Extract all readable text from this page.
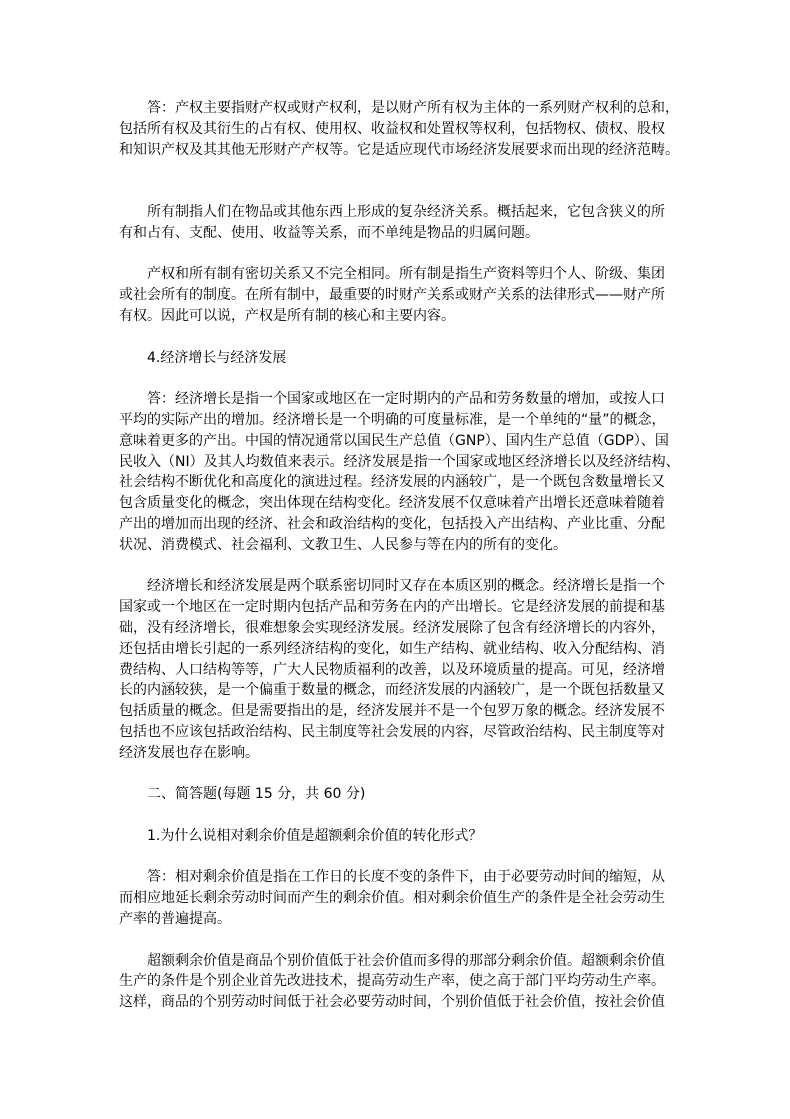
答：产权主要指财产权或财产权利，是以财产所有权为主体的一系列财产权利的总和，
包括所有权及其衍生的占有权、使用权、收益权和处置权等权利，包括物权、债权、股权
和知识产权及其其他无形财产产权等。它是适应现代市场经济发展要求而出现的经济范畴。
所有制指人们在物品或其他东西上形成的复杂经济关系。概括起来，它包含狭义的所
有和占有、支配、使用、收益等关系，而不单纯是物品的归属问题。
产权和所有制有密切关系又不完全相同。所有制是指生产资料等归个人、阶级、集团
或社会所有的制度。在所有制中，最重要的时财产关系或财产关系的法律形式——财产所
有权。因此可以说，产权是所有制的核心和主要内容。
4.经济增长与经济发展
答：经济增长是指一个国家或地区在一定时期内的产品和劳务数量的增加，或按人口
平均的实际产出的增加。经济增长是一个明确的可度量标准，是一个单纯的“量”的概念，
意味着更多的产出。中国的情况通常以国民生产总值（GNP）、国内生产总值（GDP）、国
民收入（NI）及其人均数值来表示。经济发展是指一个国家或地区经济增长以及经济结构、
社会结构不断优化和高度化的演进过程。经济发展的内涵较广，是一个既包含数量增长又
包含质量变化的概念，突出体现在结构变化。经济发展不仅意味着产出增长还意味着随着
产出的增加而出现的经济、社会和政治结构的变化，包括投入产出结构、产业比重、分配
状况、消费模式、社会福利、文教卫生、人民参与等在内的所有的变化。
经济增长和经济发展是两个联系密切同时又存在本质区别的概念。经济增长是指一个
国家或一个地区在一定时期内包括产品和劳务在内的产出增长。它是经济发展的前提和基
础，没有经济增长，很难想象会实现经济发展。经济发展除了包含有经济增长的内容外，
还包括由增长引起的一系列经济结构的变化，如生产结构、就业结构、收入分配结构、消
费结构、人口结构等等，广大人民物质福利的改善，以及环境质量的提高。可见，经济增
长的内涵较狭，是一个偏重于数量的概念，而经济发展的内涵较广，是一个既包括数量又
包括质量的概念。但是需要指出的是，经济发展并不是一个包罗万象的概念。经济发展不
包括也不应该包括政治结构、民主制度等社会发展的内容，尽管政治结构、民主制度等对
经济发展也存在影响。
二、简答题(每题 15 分，共 60 分)
1.为什么说相对剩余价值是超额剩余价值的转化形式？
答：相对剩余价值是指在工作日的长度不变的条件下，由于必要劳动时间的缩短，从
而相应地延长剩余劳动时间而产生的剩余价值。相对剩余价值生产的条件是全社会劳动生
产率的普遍提高。
超额剩余价值是商品个别价值低于社会价值而多得的那部分剩余价值。超额剩余价值
生产的条件是个别企业首先改进技术，提高劳动生产率，使之高于部门平均劳动生产率。
这样，商品的个别劳动时间低于社会必要劳动时间，个别价值低于社会价值，按社会价值
